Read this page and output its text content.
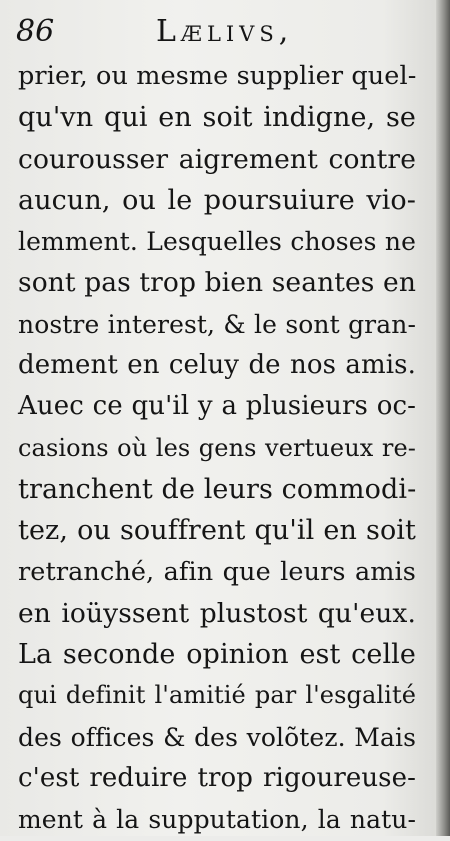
86	Lælivs,
prier, ou mesme supplier quel-
qu'vn qui en soit indigne, se
courousser aigrement contre
aucun, ou le poursuiure vio-
lemment. Lesquelles choses ne
sont pas trop bien seantes en
nostre interest, & le sont gran-
dement en celuy de nos amis.
Auec ce qu'il y a plusieurs oc-
casions où les gens vertueux re-
tranchent de leurs commodi-
tez, ou souffrent qu'il en soit
retranché, afin que leurs amis
en ioüyssent plustost qu'eux.
La seconde opinion est celle
qui definit l'amitié par l'esgalité
des offices & des volõtez. Mais
c'est reduire trop rigoureuse-
ment à la supputation, la natu-
